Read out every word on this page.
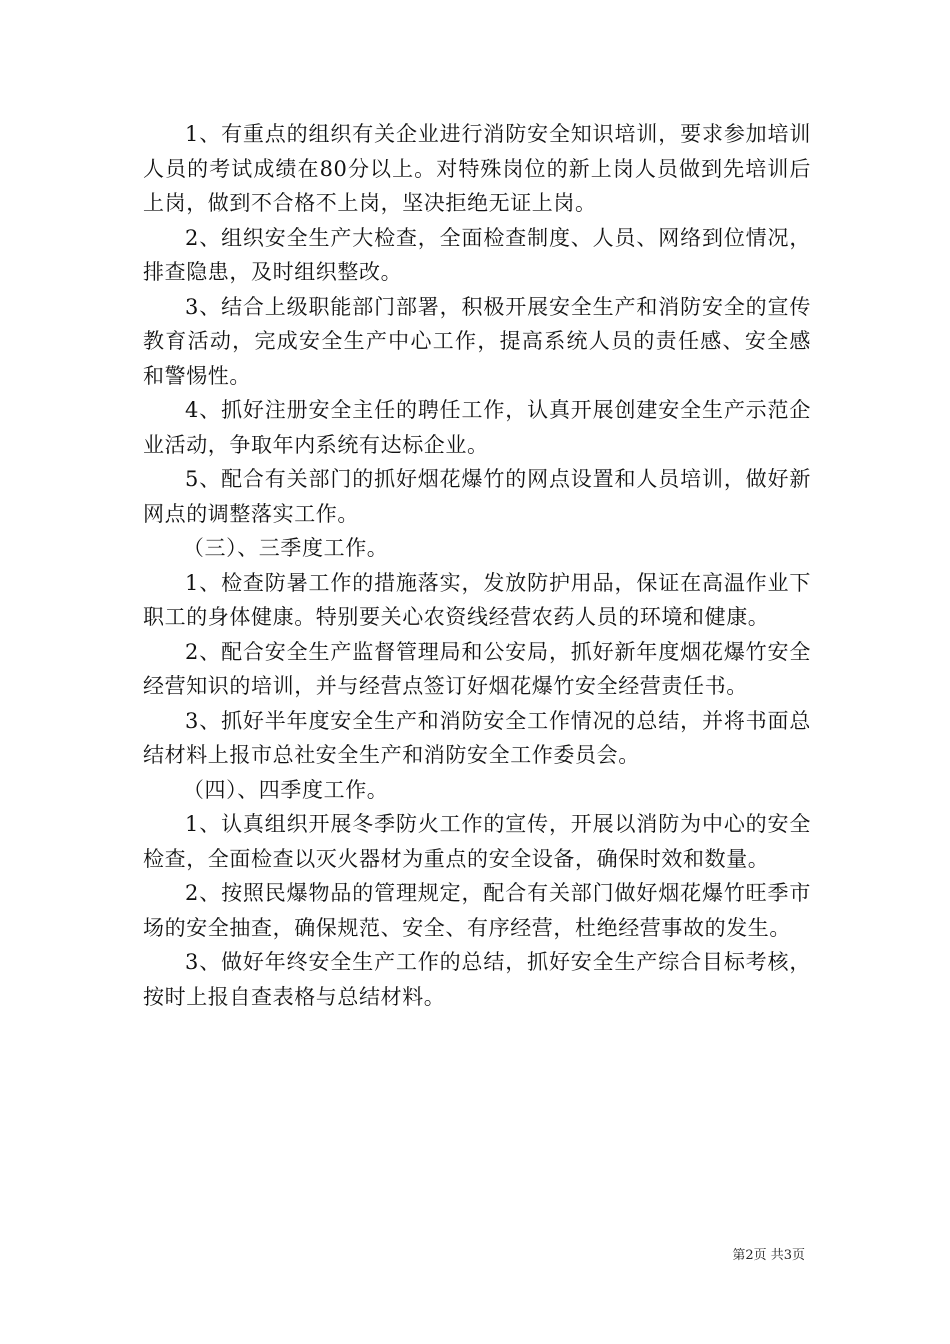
1、有重点的组织有关企业进行消防安全知识培训，要求参加培训人员的考试成绩在80分以上。对特殊岗位的新上岗人员做到先培训后上岗，做到不合格不上岗，坚决拒绝无证上岗。

2、组织安全生产大检查，全面检查制度、人员、网络到位情况，排查隐患，及时组织整改。

3、结合上级职能部门部署，积极开展安全生产和消防安全的宣传教育活动，完成安全生产中心工作，提高系统人员的责任感、安全感和警惕性。

4、抓好注册安全主任的聘任工作，认真开展创建安全生产示范企业活动，争取年内系统有达标企业。

5、配合有关部门的抓好烟花爆竹的网点设置和人员培训，做好新网点的调整落实工作。

（三）、三季度工作。

1、检查防暑工作的措施落实，发放防护用品，保证在高温作业下职工的身体健康。特别要关心农资线经营农药人员的环境和健康。

2、配合安全生产监督管理局和公安局，抓好新年度烟花爆竹安全经营知识的培训，并与经营点签订好烟花爆竹安全经营责任书。

3、抓好半年度安全生产和消防安全工作情况的总结，并将书面总结材料上报市总社安全生产和消防安全工作委员会。

（四）、四季度工作。

1、认真组织开展冬季防火工作的宣传，开展以消防为中心的安全检查，全面检查以灭火器材为重点的安全设备，确保时效和数量。

2、按照民爆物品的管理规定，配合有关部门做好烟花爆竹旺季市场的安全抽查，确保规范、安全、有序经营，杜绝经营事故的发生。

3、做好年终安全生产工作的总结，抓好安全生产综合目标考核，按时上报自查表格与总结材料。

第2页 共3页
